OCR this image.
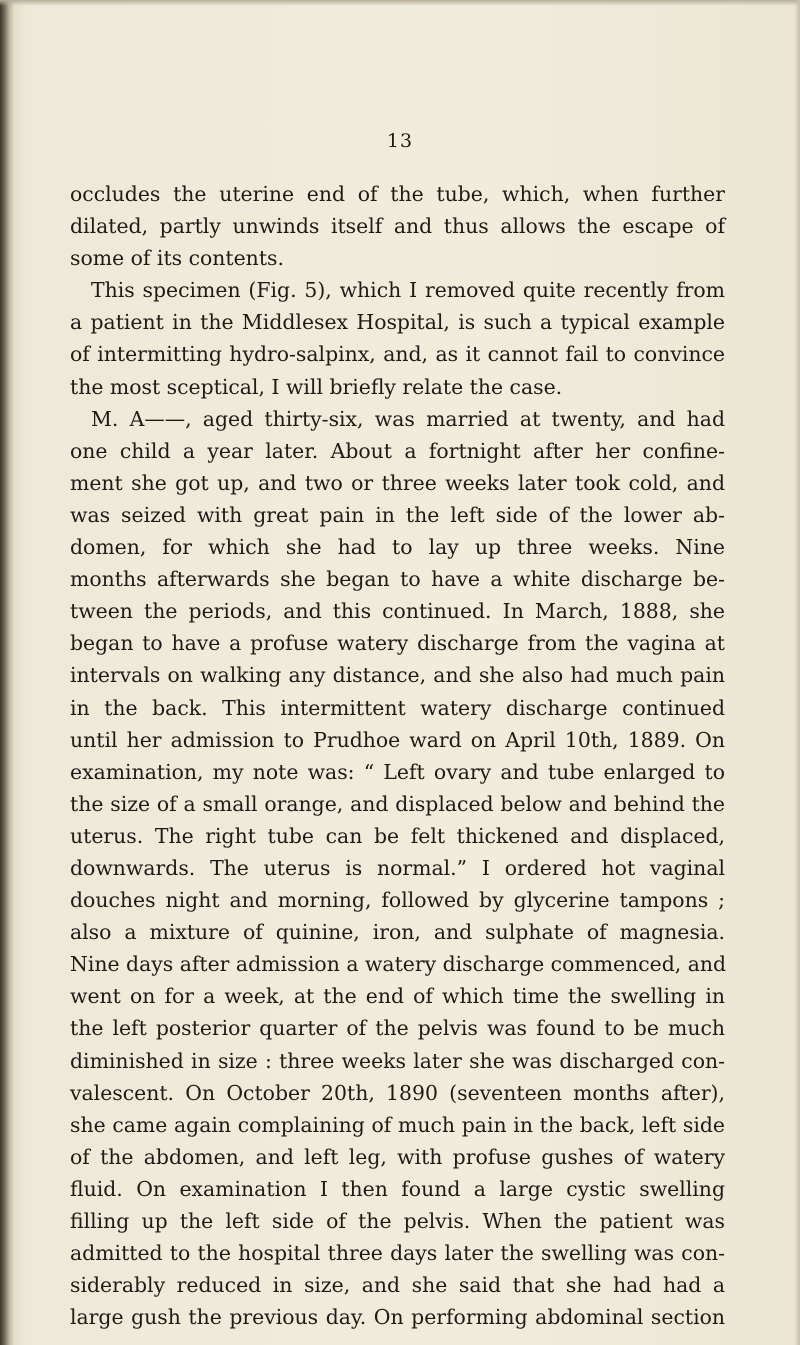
13
occludes the uterine end of the tube, which, when further
dilated, partly unwinds itself and thus allows the escape of
some of its contents.
This specimen (Fig. 5), which I removed quite recently from
a patient in the Middlesex Hospital, is such a typical example
of intermitting hydro-salpinx, and, as it cannot fail to convince
the most sceptical, I will briefly relate the case.
M. A——, aged thirty-six, was married at twenty, and had
one child a year later. About a fortnight after her confine-
ment she got up, and two or three weeks later took cold, and
was seized with great pain in the left side of the lower ab-
domen, for which she had to lay up three weeks. Nine
months afterwards she began to have a white discharge be-
tween the periods, and this continued. In March, 1888, she
began to have a profuse watery discharge from the vagina at
intervals on walking any distance, and she also had much pain
in the back. This intermittent watery discharge continued
until her admission to Prudhoe ward on April 10th, 1889. On
examination, my note was: “ Left ovary and tube enlarged to
the size of a small orange, and displaced below and behind the
uterus. The right tube can be felt thickened and displaced,
downwards. The uterus is normal.” I ordered hot vaginal
douches night and morning, followed by glycerine tampons ;
also a mixture of quinine, iron, and sulphate of magnesia.
Nine days after admission a watery discharge commenced, and
went on for a week, at the end of which time the swelling in
the left posterior quarter of the pelvis was found to be much
diminished in size : three weeks later she was discharged con-
valescent. On October 20th, 1890 (seventeen months after),
she came again complaining of much pain in the back, left side
of the abdomen, and left leg, with profuse gushes of watery
fluid. On examination I then found a large cystic swelling
filling up the left side of the pelvis. When the patient was
admitted to the hospital three days later the swelling was con-
siderably reduced in size, and she said that she had had a
large gush the previous day. On performing abdominal section
